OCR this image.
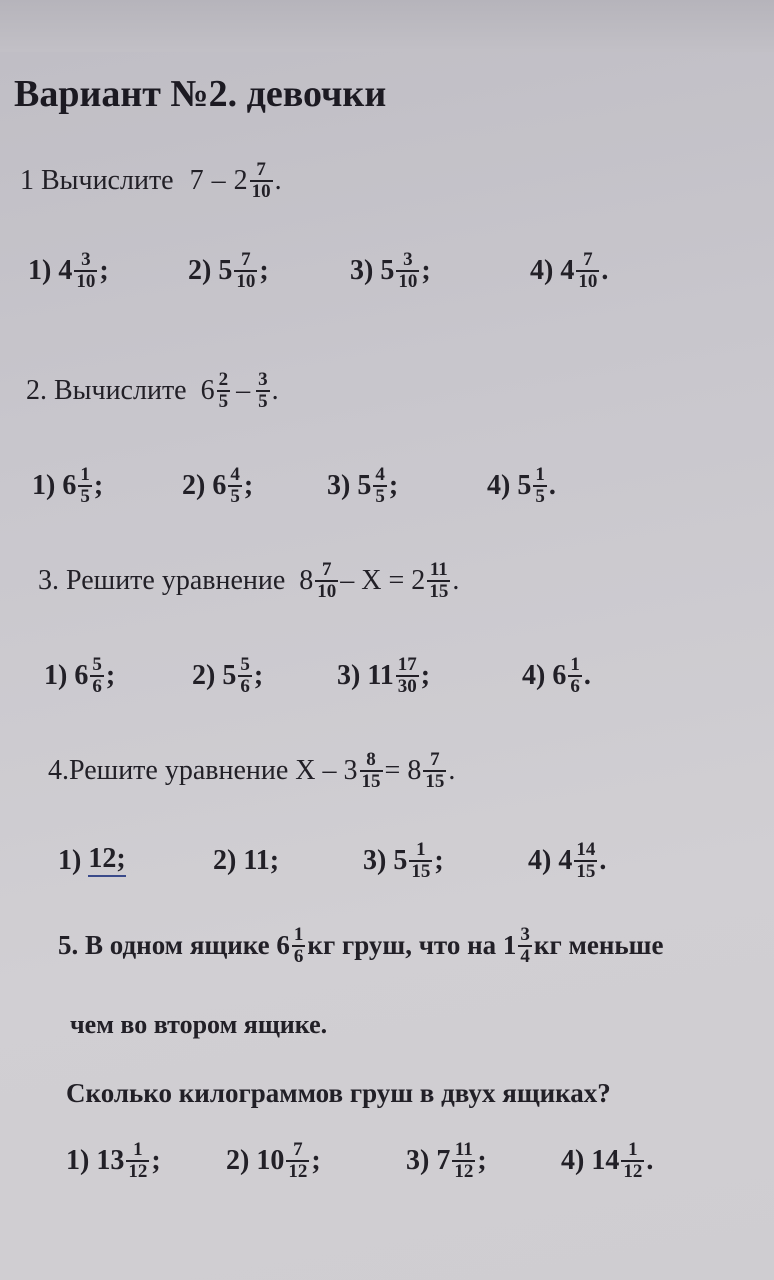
Вариант №2. девочки
1 Вычислите $7 - 2 \frac{7}{10}$ .
1)
$4 \frac{3}{10}$ ;	2)
$5 \frac{7}{10}$ ;	3)
$5 \frac{3}{10}$ ;	4)
$4 \frac{7}{10}$ .
2. Вычислите $6 \frac{2}{5} - \frac{3}{5}$ .
1)
$6 \frac{1}{5}$ ;	2)
$6 \frac{4}{5}$ ;	3)
$5 \frac{4}{5}$ ;	4)
$5 \frac{1}{5}$ .
3. Решите уравнение $8 \frac{7}{10} - Х = 2 \frac{11}{15}$ .
1)
$6 \frac{5}{6}$ ;	2)
$5 \frac{5}{6}$ ;	3)
$11 \frac{17}{30}$ ;	4)
$6 \frac{1}{6}$ .
4.Решите уравнение $Х - 3 \frac{8}{15} = 8 \frac{7}{15}$ .
1)
12;	2)
11;	3)
$5 \frac{1}{15}$ ;	4)
$4 \frac{14}{15}$ .
5. В одном ящике $6 \frac{1}{6}$ кг груш, что на $1 \frac{3}{4}$ кг меньше
чем во втором ящике.
Сколько килограммов груш в двух ящиках?
1)
$13 \frac{1}{12}$ ; 2)
$10 \frac{7}{12}$ ;	3)
$7 \frac{11}{12}$ ;	4)
$14 \frac{1}{12}$ .
